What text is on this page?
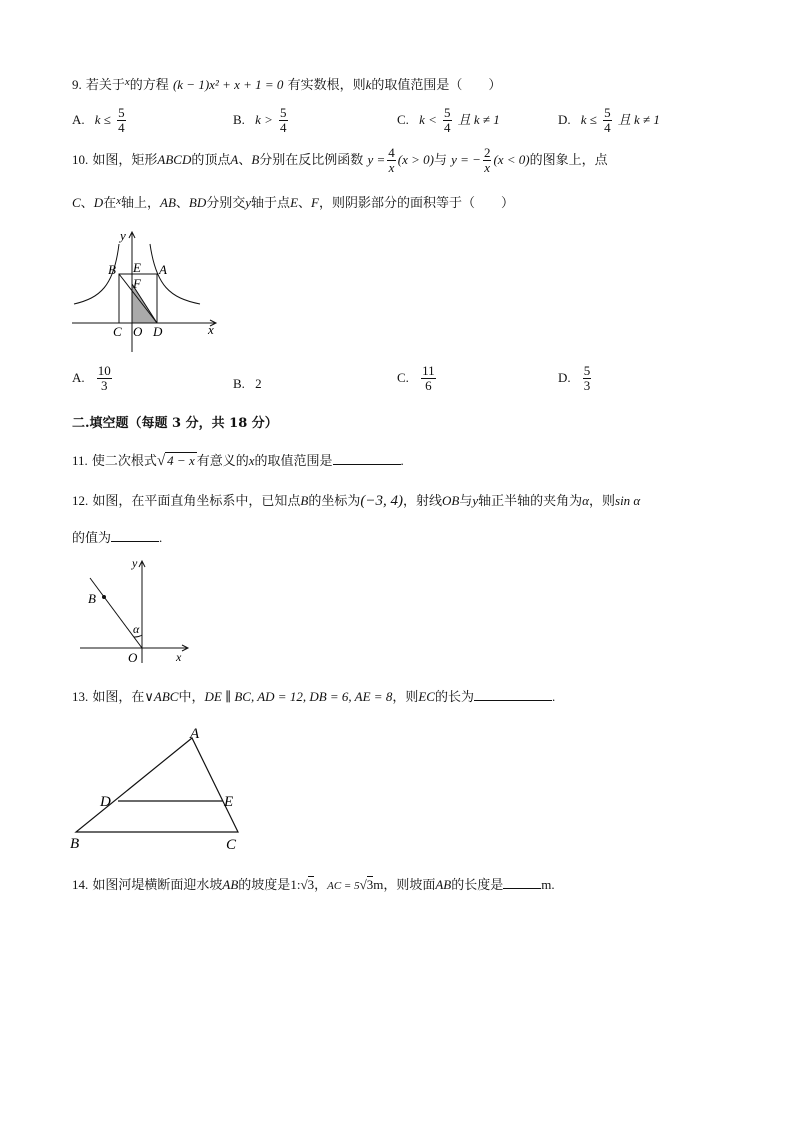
9. 若关于$^x$的方程 (k − 1)x² + x + 1 = 0 有实数根，则k的取值范围是（　　）
A. $k \le \frac{5}{4}$	B. $k > \frac{5}{4}$	C. $k < \frac{5}{4}$ 且 k ≠ 1	D. $k \le \frac{5}{4}$ 且 k ≠ 1
10. 如图，矩形ABCD的顶点A、B分别在反比例函数 $y = \frac{4}{x} (x > 0)$与 y = − $\frac{2}{x} (x < 0)$的图象上，点
C、D在$^x$轴上，AB、BD分别交y轴于点E、F，则阴影部分的面积等于（　　）
y
x
B E A
F
C O D
A. $\frac{10}{3}$	B. 2	C. $\frac{11}{6}$	D. $\frac{5}{3}$
二.填空题（每题 3 分，共 18 分）
11. 使二次根式√ 4 − x 有意义的x的取值范围是	.
12. 如图，在平面直角坐标系中，已知点B的坐标为(−3, 4)，射线OB与y轴正半轴的夹角为α，则sin α
的值为	.
y
x
B
O
α
13. 如图，在∨ABC中，DE ∥ BC, AD = 12, DB = 6, AE = 8，则EC的长为	.
A
D	E
B	C
14. 如图河堤横断面迎水坡AB的坡度是1:√3，AC = 5√3m，则坡面AB的长度是	m.
